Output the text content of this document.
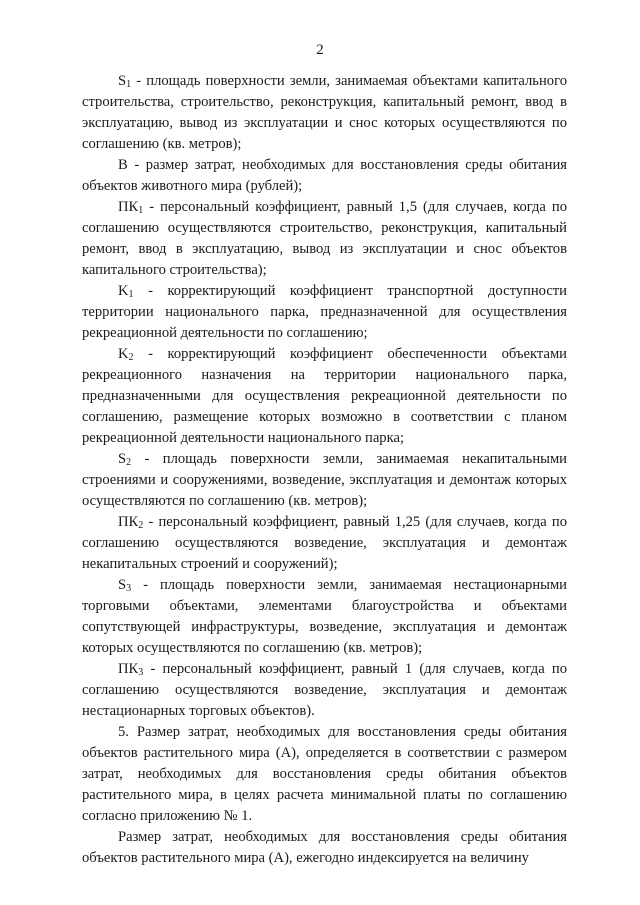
2

$S_1$ - площадь поверхности земли, занимаемая объектами капитального строительства, строительство, реконструкция, капитальный ремонт, ввод в эксплуатацию, вывод из эксплуатации и снос которых осуществляются по соглашению (кв. метров);

B - размер затрат, необходимых для восстановления среды обитания объектов животного мира (рублей);

$ПК_1$ - персональный коэффициент, равный 1,5 (для случаев, когда по соглашению осуществляются строительство, реконструкция, капитальный ремонт, ввод в эксплуатацию, вывод из эксплуатации и снос объектов капитального строительства);

$K_1$ - корректирующий коэффициент транспортной доступности территории национального парка, предназначенной для осуществления рекреационной деятельности по соглашению;

$K_2$ - корректирующий коэффициент обеспеченности объектами рекреационного назначения на территории национального парка, предназначенными для осуществления рекреационной деятельности по соглашению, размещение которых возможно в соответствии с планом рекреационной деятельности национального парка;

$S_2$ - площадь поверхности земли, занимаемая некапитальными строениями и сооружениями, возведение, эксплуатация и демонтаж которых осуществляются по соглашению (кв. метров);

$ПК_2$ - персональный коэффициент, равный 1,25 (для случаев, когда по соглашению осуществляются возведение, эксплуатация и демонтаж некапитальных строений и сооружений);

$S_3$ - площадь поверхности земли, занимаемая нестационарными торговыми объектами, элементами благоустройства и объектами сопутствующей инфраструктуры, возведение, эксплуатация и демонтаж которых осуществляются по соглашению (кв. метров);

$ПК_3$ - персональный коэффициент, равный 1 (для случаев, когда по соглашению осуществляются возведение, эксплуатация и демонтаж нестационарных торговых объектов).

5. Размер затрат, необходимых для восстановления среды обитания объектов растительного мира (А), определяется в соответствии с размером затрат, необходимых для восстановления среды обитания объектов растительного мира, в целях расчета минимальной платы по соглашению согласно приложению № 1.

Размер затрат, необходимых для восстановления среды обитания объектов растительного мира (А), ежегодно индексируется на величину
